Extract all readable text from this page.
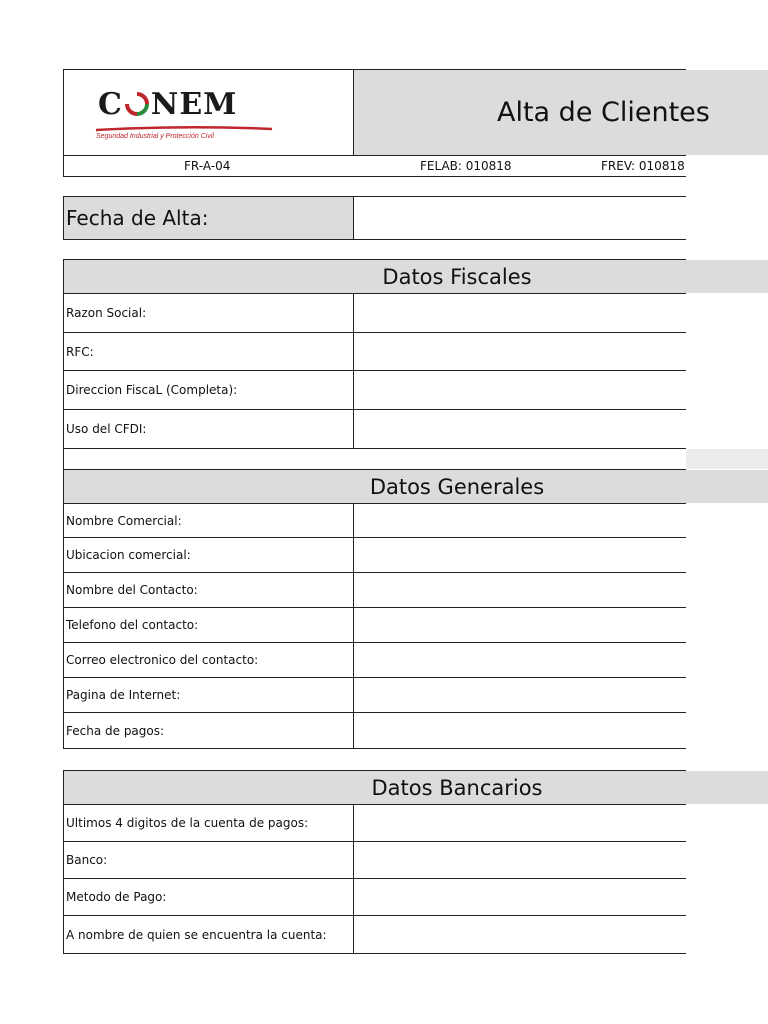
C NEM
Seguridad Industrial y Protección Civil
Alta de Clientes
FR-A-04	FELAB: 010818	FREV: 010818
Fecha de Alta:
Datos Fiscales
Razon Social:
RFC:
Direccion FiscaL (Completa):
Uso del CFDI:
Datos Generales
Nombre Comercial:
Ubicacion comercial:
Nombre del Contacto:
Telefono del contacto:
Correo electronico del contacto:
Pagina de Internet:
Fecha de pagos:
Datos Bancarios
Ultimos 4 digitos de la cuenta de pagos:
Banco:
Metodo de Pago:
A nombre de quien se encuentra la cuenta:
